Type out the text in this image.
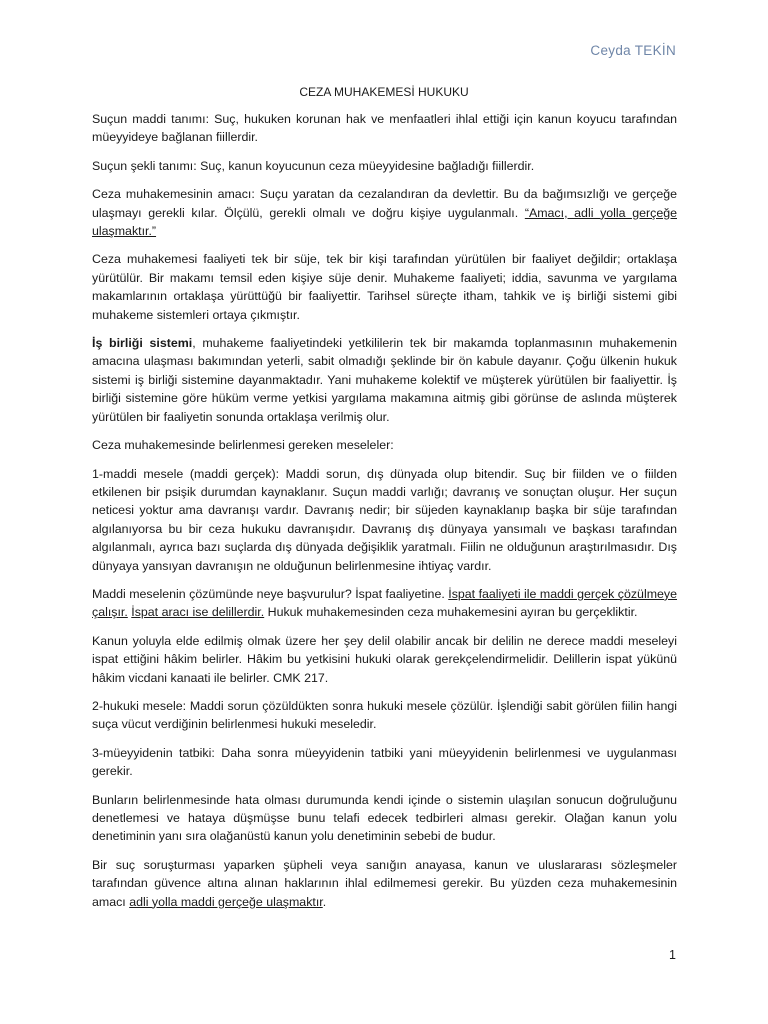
Ceyda TEKİN
CEZA MUHAKEMESİ HUKUKU

Suçun maddi tanımı: Suç, hukuken korunan hak ve menfaatleri ihlal ettiği için kanun koyucu tarafından müeyyideye bağlanan fiillerdir.

Suçun şekli tanımı: Suç, kanun koyucunun ceza müeyyidesine bağladığı fiillerdir.

Ceza muhakemesinin amacı: Suçu yaratan da cezalandıran da devlettir. Bu da bağımsızlığı ve gerçeğe ulaşmayı gerekli kılar. Ölçülü, gerekli olmalı ve doğru kişiye uygulanmalı. “Amacı, adli yolla gerçeğe ulaşmaktır.”

Ceza muhakemesi faaliyeti tek bir süje, tek bir kişi tarafından yürütülen bir faaliyet değildir; ortaklaşa yürütülür. Bir makamı temsil eden kişiye süje denir. Muhakeme faaliyeti; iddia, savunma ve yargılama makamlarının ortaklaşa yürüttüğü bir faaliyettir. Tarihsel süreçte itham, tahkik ve iş birliği sistemi gibi muhakeme sistemleri ortaya çıkmıştır.

İş birliği sistemi, muhakeme faaliyetindeki yetkililerin tek bir makamda toplanmasının muhakemenin amacına ulaşması bakımından yeterli, sabit olmadığı şeklinde bir ön kabule dayanır. Çoğu ülkenin hukuk sistemi iş birliği sistemine dayanmaktadır. Yani muhakeme kolektif ve müşterek yürütülen bir faaliyettir. İş birliği sistemine göre hüküm verme yetkisi yargılama makamına aitmiş gibi görünse de aslında müşterek yürütülen bir faaliyetin sonunda ortaklaşa verilmiş olur.

Ceza muhakemesinde belirlenmesi gereken meseleler:

1-maddi mesele (maddi gerçek): Maddi sorun, dış dünyada olup bitendir. Suç bir fiilden ve o fiilden etkilenen bir psişik durumdan kaynaklanır. Suçun maddi varlığı; davranış ve sonuçtan oluşur. Her suçun neticesi yoktur ama davranışı vardır. Davranış nedir; bir süjeden kaynaklanıp başka bir süje tarafından algılanıyorsa bu bir ceza hukuku davranışıdır. Davranış dış dünyaya yansımalı ve başkası tarafından algılanmalı, ayrıca bazı suçlarda dış dünyada değişiklik yaratmalı. Fiilin ne olduğunun araştırılmasıdır. Dış dünyaya yansıyan davranışın ne olduğunun belirlenmesine ihtiyaç vardır.

Maddi meselenin çözümünde neye başvurulur? İspat faaliyetine. İspat faaliyeti ile maddi gerçek çözülmeye çalışır. İspat aracı ise delillerdir. Hukuk muhakemesinden ceza muhakemesini ayıran bu gerçekliktir.

Kanun yoluyla elde edilmiş olmak üzere her şey delil olabilir ancak bir delilin ne derece maddi meseleyi ispat ettiğini hâkim belirler. Hâkim bu yetkisini hukuki olarak gerekçelendirmelidir. Delillerin ispat yükünü hâkim vicdani kanaati ile belirler. CMK 217.

2-hukuki mesele: Maddi sorun çözüldükten sonra hukuki mesele çözülür. İşlendiği sabit görülen fiilin hangi suça vücut verdiğinin belirlenmesi hukuki meseledir.

3-müeyyidenin tatbiki: Daha sonra müeyyidenin tatbiki yani müeyyidenin belirlenmesi ve uygulanması gerekir.

Bunların belirlenmesinde hata olması durumunda kendi içinde o sistemin ulaşılan sonucun doğruluğunu denetlemesi ve hataya düşmüşse bunu telafi edecek tedbirleri alması gerekir. Olağan kanun yolu denetiminin yanı sıra olağanüstü kanun yolu denetiminin sebebi de budur.

Bir suç soruşturması yaparken şüpheli veya sanığın anayasa, kanun ve uluslararası sözleşmeler tarafından güvence altına alınan haklarının ihlal edilmemesi gerekir. Bu yüzden ceza muhakemesinin amacı adli yolla maddi gerçeğe ulaşmaktır.

1
